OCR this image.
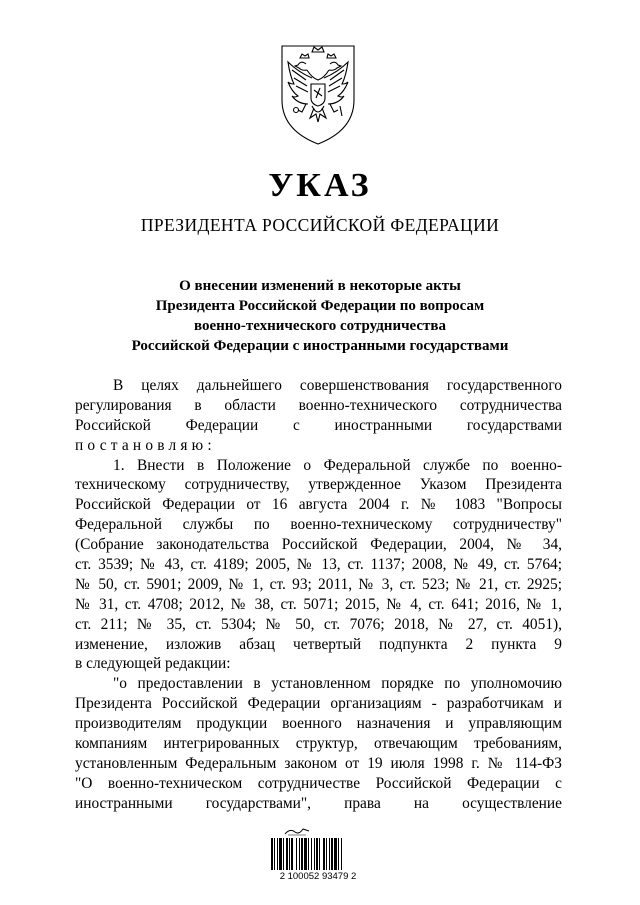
УКАЗ
ПРЕЗИДЕНТА РОССИЙСКОЙ ФЕДЕРАЦИИ
О внесении изменений в некоторые акты
Президента Российской Федерации по вопросам
военно-технического сотрудничества
Российской Федерации с иностранными государствами
В целях дальнейшего совершенствования государственного
регулирования в области военно-технического сотрудничества
Российской Федерации с иностранными государствами
постановляю:
1. Внести в Положение о Федеральной службе по военно-
техническому сотрудничеству, утвержденное Указом Президента
Российской Федерации от 16 августа 2004 г. № 1083 "Вопросы
Федеральной службы по военно-техническому сотрудничеству"
(Собрание законодательства Российской Федерации, 2004, № 34,
ст. 3539; № 43, ст. 4189; 2005, № 13, ст. 1137; 2008, № 49, ст. 5764;
№ 50, ст. 5901; 2009, № 1, ст. 93; 2011, № 3, ст. 523; № 21, ст. 2925;
№ 31, ст. 4708; 2012, № 38, ст. 5071; 2015, № 4, ст. 641; 2016, № 1,
ст. 211; № 35, ст. 5304; № 50, ст. 7076; 2018, № 27, ст. 4051),
изменение, изложив абзац четвертый подпункта 2 пункта 9
в следующей редакции:
"о предоставлении в установленном порядке по уполномочию
Президента Российской Федерации организациям - разработчикам и
производителям продукции военного назначения и управляющим
компаниям интегрированных структур, отвечающим требованиям,
установленным Федеральным законом от 19 июля 1998 г. № 114-ФЗ
"О военно-техническом сотрудничестве Российской Федерации с
иностранными государствами", права на осуществление
2 100052 93479 2
